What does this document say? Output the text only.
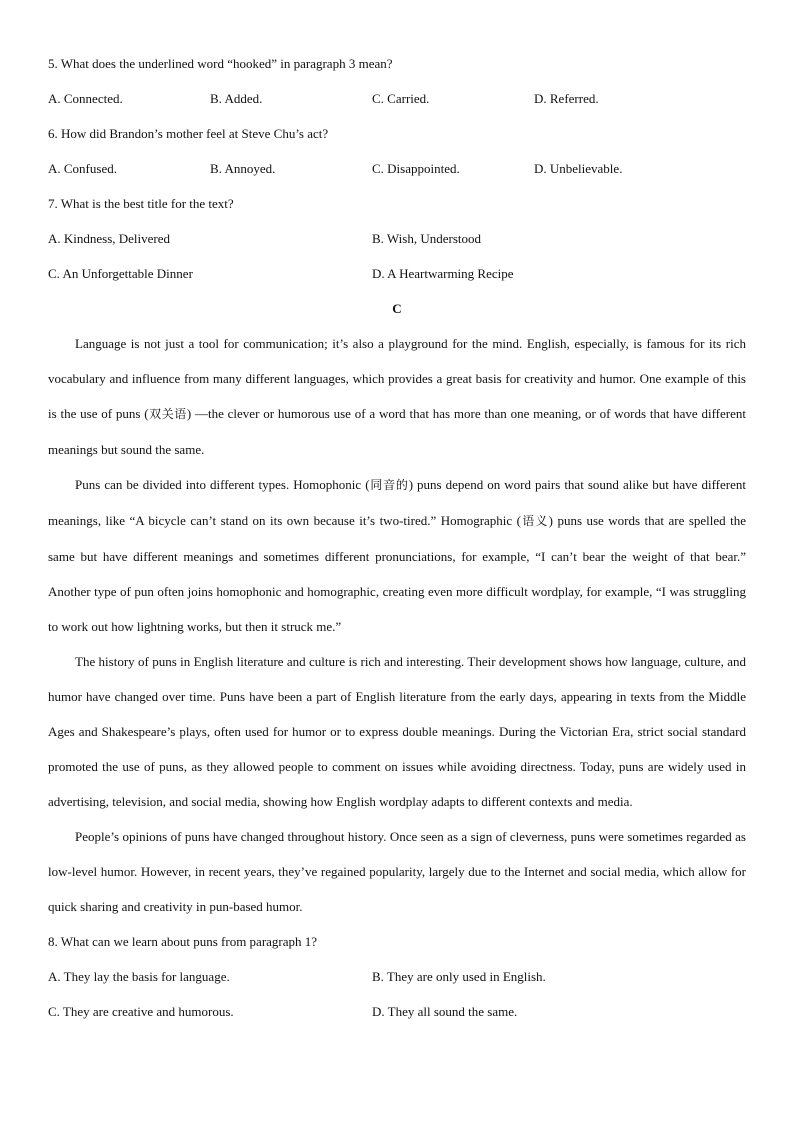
5. What does the underlined word “hooked” in paragraph 3 mean?
A. Connected.	B. Added.	C. Carried.	D. Referred.
6. How did Brandon’s mother feel at Steve Chu’s act?
A. Confused.	B. Annoyed.	C. Disappointed.	D. Unbelievable.
7. What is the best title for the text?
A. Kindness, Delivered	B. Wish, Understood
C. An Unforgettable Dinner	D. A Heartwarming Recipe
C

Language is not just a tool for communication; it’s also a playground for the mind. English, especially, is famous for its rich vocabulary and influence from many different languages, which provides a great basis for creativity and humor. One example of this is the use of puns (双关语) —the clever or humorous use of a word that has more than one meaning, or of words that have different meanings but sound the same.

Puns can be divided into different types. Homophonic (同音的) puns depend on word pairs that sound alike but have different meanings, like “A bicycle can’t stand on its own because it’s two-tired.” Homographic (语义) puns use words that are spelled the same but have different meanings and sometimes different pronunciations, for example, “I can’t bear the weight of that bear.” Another type of pun often joins homophonic and homographic, creating even more difficult wordplay, for example, “I was struggling to work out how lightning works, but then it struck me.”

The history of puns in English literature and culture is rich and interesting. Their development shows how language, culture, and humor have changed over time. Puns have been a part of English literature from the early days, appearing in texts from the Middle Ages and Shakespeare’s plays, often used for humor or to express double meanings. During the Victorian Era, strict social standard promoted the use of puns, as they allowed people to comment on issues while avoiding directness. Today, puns are widely used in advertising, television, and social media, showing how English wordplay adapts to different contexts and media.

People’s opinions of puns have changed throughout history. Once seen as a sign of cleverness, puns were sometimes regarded as low-level humor. However, in recent years, they’ve regained popularity, largely due to the Internet and social media, which allow for quick sharing and creativity in pun-based humor.

8. What can we learn about puns from paragraph 1?
A. They lay the basis for language.	B. They are only used in English.
C. They are creative and humorous.	D. They all sound the same.
